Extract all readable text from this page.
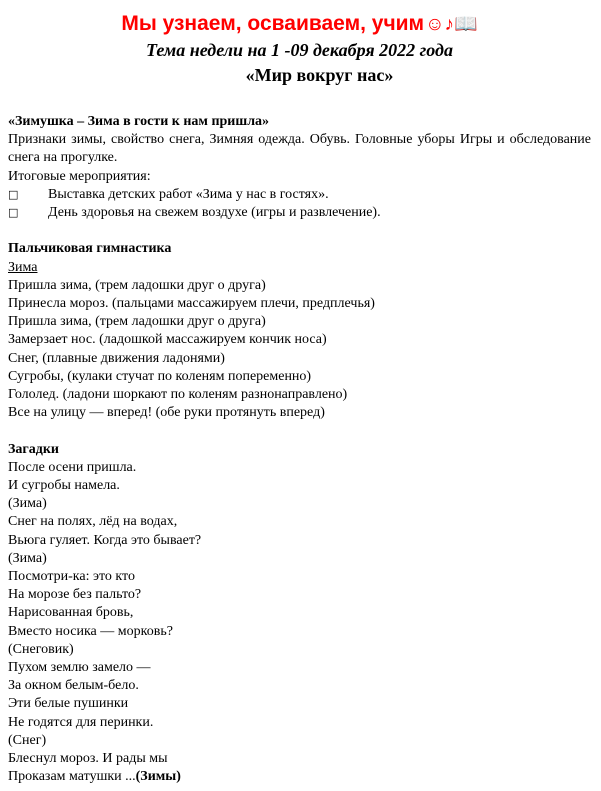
Мы узнаем, осваиваем, учим☺♪📖
Тема недели на 1 -09 декабря 2022 года
«Мир вокруг нас»

«Зимушка – Зима в гости к нам пришла»

Признаки зимы, свойство снега, Зимняя одежда. Обувь. Головные уборы Игры и обследование снега на прогулке.

Итоговые мероприятия:

□	Выставка детских работ «Зима у нас в гостях».
□	День здоровья на свежем воздухе (игры и развлечение).

Пальчиковая гимнастика

Зима

Пришла зима, (трем ладошки друг о друга)

Принесла мороз. (пальцами массажируем плечи, предплечья)

Пришла зима, (трем ладошки друг о друга)

Замерзает нос. (ладошкой массажируем кончик носа)

Снег, (плавные движения ладонями)

Сугробы, (кулаки стучат по коленям попеременно)

Гололед. (ладони шоркают по коленям разнонаправлено)

Все на улицу — вперед! (обе руки протянуть вперед)

Загадки

После осени пришла.

И сугробы намела.

(Зима)

Снег на полях, лёд на водах,

Вьюга гуляет. Когда это бывает?

(Зима)

Посмотри-ка: это кто

На морозе без пальто?

Нарисованная бровь,

Вместо носика — морковь?

(Снеговик)

Пухом землю замело —

За окном белым-бело.

Эти белые пушинки

Не годятся для перинки.

(Снег)

Блеснул мороз. И рады мы

Проказам матушки ...(Зимы)
